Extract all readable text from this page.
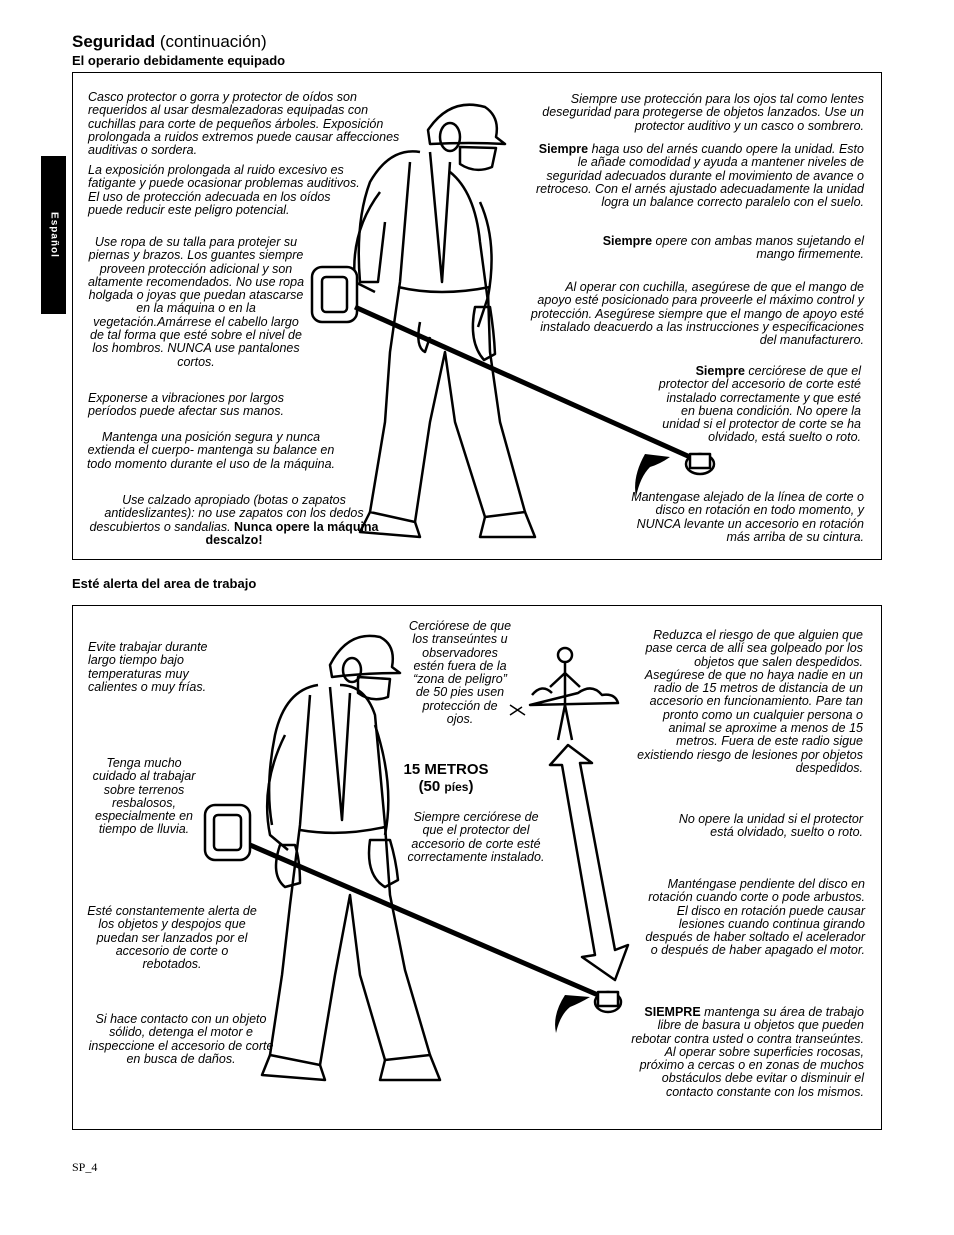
Seguridad (continuación)
El operario debidamente equipado
Español
Casco protector o gorra y protector de oídos son requeridos al usar desmalezadoras equipadas con cuchillas para corte de pequeños árboles. Exposición prolongada a ruidos extremos puede causar affecciones auditivas o sordera.
La exposición prolongada al ruido excesivo es fatigante y puede ocasionar problemas auditivos. El uso de protección adecuada en los oídos puede reducir este peligro potencial.
Use ropa de su talla para protejer su piernas y brazos. Los guantes siempre proveen protección adicional y son altamente recomendados. No use ropa holgada o joyas que puedan atascarse en la máquina o en la vegetación.Amárrese el cabello largo de tal forma que esté sobre el nivel de los hombros. NUNCA use pantalones cortos.
Exponerse a vibraciones por largos períodos puede afectar sus manos.
Mantenga una posición segura y nunca extienda el cuerpo- mantenga su balance en todo momento durante el uso de la máquina.
Use calzado apropiado (botas o zapatos antideslizantes): no use zapatos con los dedos descubiertos o sandalias. Nunca opere la máquina descalzo!
Siempre use protección para los ojos tal como lentes deseguridad para protegerse de objetos lanzados. Use un protector auditivo y un casco o sombrero.
Siempre haga uso del arnés cuando opere la unidad. Esto le añade comodidad y ayuda a mantener niveles de seguridad adecuados durante el movimiento de avance o retroceso. Con el arnés ajustado adecuadamente la unidad logra un balance correcto paralelo con el suelo.
Siempre opere con ambas manos sujetando el mango firmemente.
Al operar con cuchilla, asegúrese de que el mango de apoyo esté posicionado para proveerle el máximo control y protección. Asegúrese siempre que el mango de apoyo esté instalado deacuerdo a las instrucciones y especificaciones del manufacturero.
Siempre cerciórese de que el protector del accesorio de corte esté instalado correctamente y que esté en buena condición. No opere la unidad si el protector de corte se ha olvidado, está suelto o roto.
Mantengase alejado de la línea de corte o disco en rotación en todo momento, y NUNCA levante un accesorio en rotación más arriba de su cintura.
Esté alerta del area de trabajo
Evite trabajar durante largo tiempo bajo temperaturas muy calientes o muy frías.
Tenga mucho cuidado al trabajar sobre terrenos resbalosos, especialmente en tiempo de lluvia.
Esté constantemente alerta de los objetos y despojos que puedan ser lanzados por el accesorio de corte o rebotados.
Si hace contacto con un objeto sólido, detenga el motor e inspeccione el accesorio de corte en busca de daños.
Cerciórese de que los transeúntes u observadores estén fuera de la “zona de peligro” de 50 pies usen protección de ojos.
15 METROS
(50 píes)
Siempre cerciórese de que el protector del accesorio de corte esté correctamente instalado.
Reduzca el riesgo de que alguien que pase cerca de allí sea golpeado por los objetos que salen despedidos. Asegúrese de que no haya nadie en un radio de 15 metros de distancia de un accesorio en funcionamiento. Pare tan pronto como un cualquier persona o animal se aproxime a menos de 15 metros. Fuera de este radio sigue existiendo riesgo de lesiones por objetos despedidos.
No opere la unidad si el protector está olvidado, suelto o roto.
Manténgase pendiente del disco en rotación cuando corte o pode arbustos. El disco en rotación puede causar lesiones cuando continua girando después de haber soltado el acelerador o después de haber apagado el motor.
SIEMPRE mantenga su área de trabajo libre de basura u objetos que pueden rebotar contra usted o contra transeúntes. Al operar sobre superficies rocosas, próximo a cercas o en zonas de muchos obstáculos debe evitar o disminuir el contacto constante con los mismos.
SP_4
